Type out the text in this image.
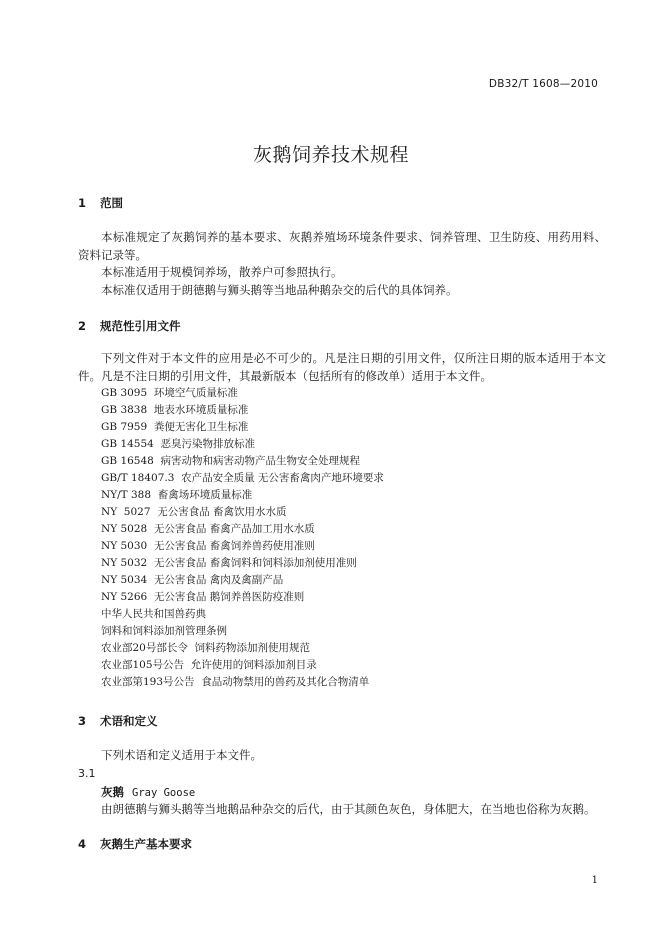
DB32/T 1608—2010
灰鹅饲养技术规程
1 范围

本标准规定了灰鹅饲养的基本要求、灰鹅养殖场环境条件要求、饲养管理、卫生防疫、用药用料、资料记录等。

本标准适用于规模饲养场，散养户可参照执行。

本标准仅适用于朗德鹅与狮头鹅等当地品种鹅杂交的后代的具体饲养。

2 规范性引用文件

下列文件对于本文件的应用是必不可少的。凡是注日期的引用文件，仅所注日期的版本适用于本文件。凡是不注日期的引用文件，其最新版本（包括所有的修改单）适用于本文件。

GB 3095  环境空气质量标准
GB 3838  地表水环境质量标准
GB 7959  粪便无害化卫生标准
GB 14554  恶臭污染物排放标准
GB 16548  病害动物和病害动物产品生物安全处理规程
GB/T 18407.3  农产品安全质量 无公害畜禽肉产地环境要求
NY/T 388  畜禽场环境质量标准
NY  5027  无公害食品 畜禽饮用水水质
NY 5028  无公害食品 畜禽产品加工用水水质
NY 5030  无公害食品 畜禽饲养兽药使用准则
NY 5032  无公害食品 畜禽饲料和饲料添加剂使用准则
NY 5034  无公害食品 禽肉及禽副产品
NY 5266  无公害食品 鹅饲养兽医防疫准则
中华人民共和国兽药典
饲料和饲料添加剂管理条例
农业部20号部长令  饲料药物添加剂使用规范
农业部105号公告  允许使用的饲料添加剂目录
农业部第193号公告  食品动物禁用的兽药及其化合物清单
3 术语和定义

下列术语和定义适用于本文件。

3.1
灰鹅 Gray Goose

由朗德鹅与狮头鹅等当地鹅品种杂交的后代，由于其颜色灰色，身体肥大，在当地也俗称为灰鹅。

4 灰鹅生产基本要求
1
